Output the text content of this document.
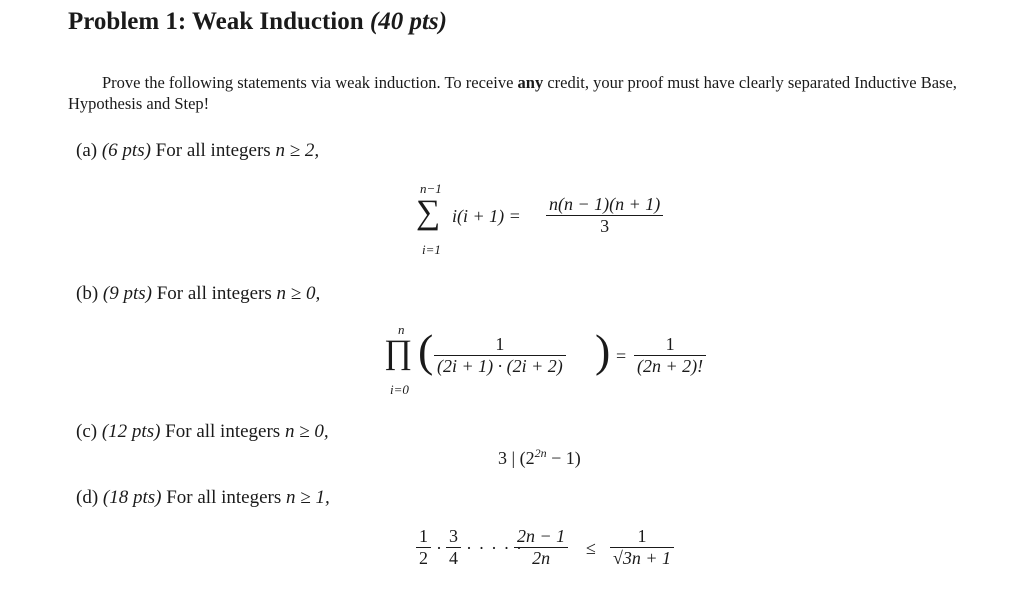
Problem 1: Weak Induction (40 pts)
Prove the following statements via weak induction. To receive any credit, your proof must have clearly separated Inductive Base, Hypothesis and Step!
(a) (6 pts) For all integers n ≥ 2,
n−1
∑
i=1
$i(i + 1) = \frac{n(n - 1)(n + 1)}{3}$
(b) (9 pts) For all integers n ≥ 0,
n
∏
i=0
( $\frac{1}{(2i + 1) \cdot (2i + 2)}$ ) = $\frac{1}{(2n + 2)!}$
(c) (12 pts) For all integers n ≥ 0,
3 | $(2^{2n} - 1)$
(d) (18 pts) For all integers n ≥ 1,
$\frac{1}{2} \cdot \frac{3}{4}$ · · · · ·
$\frac{2n - 1}{2n} \le \frac{1}{√3n + 1}$
